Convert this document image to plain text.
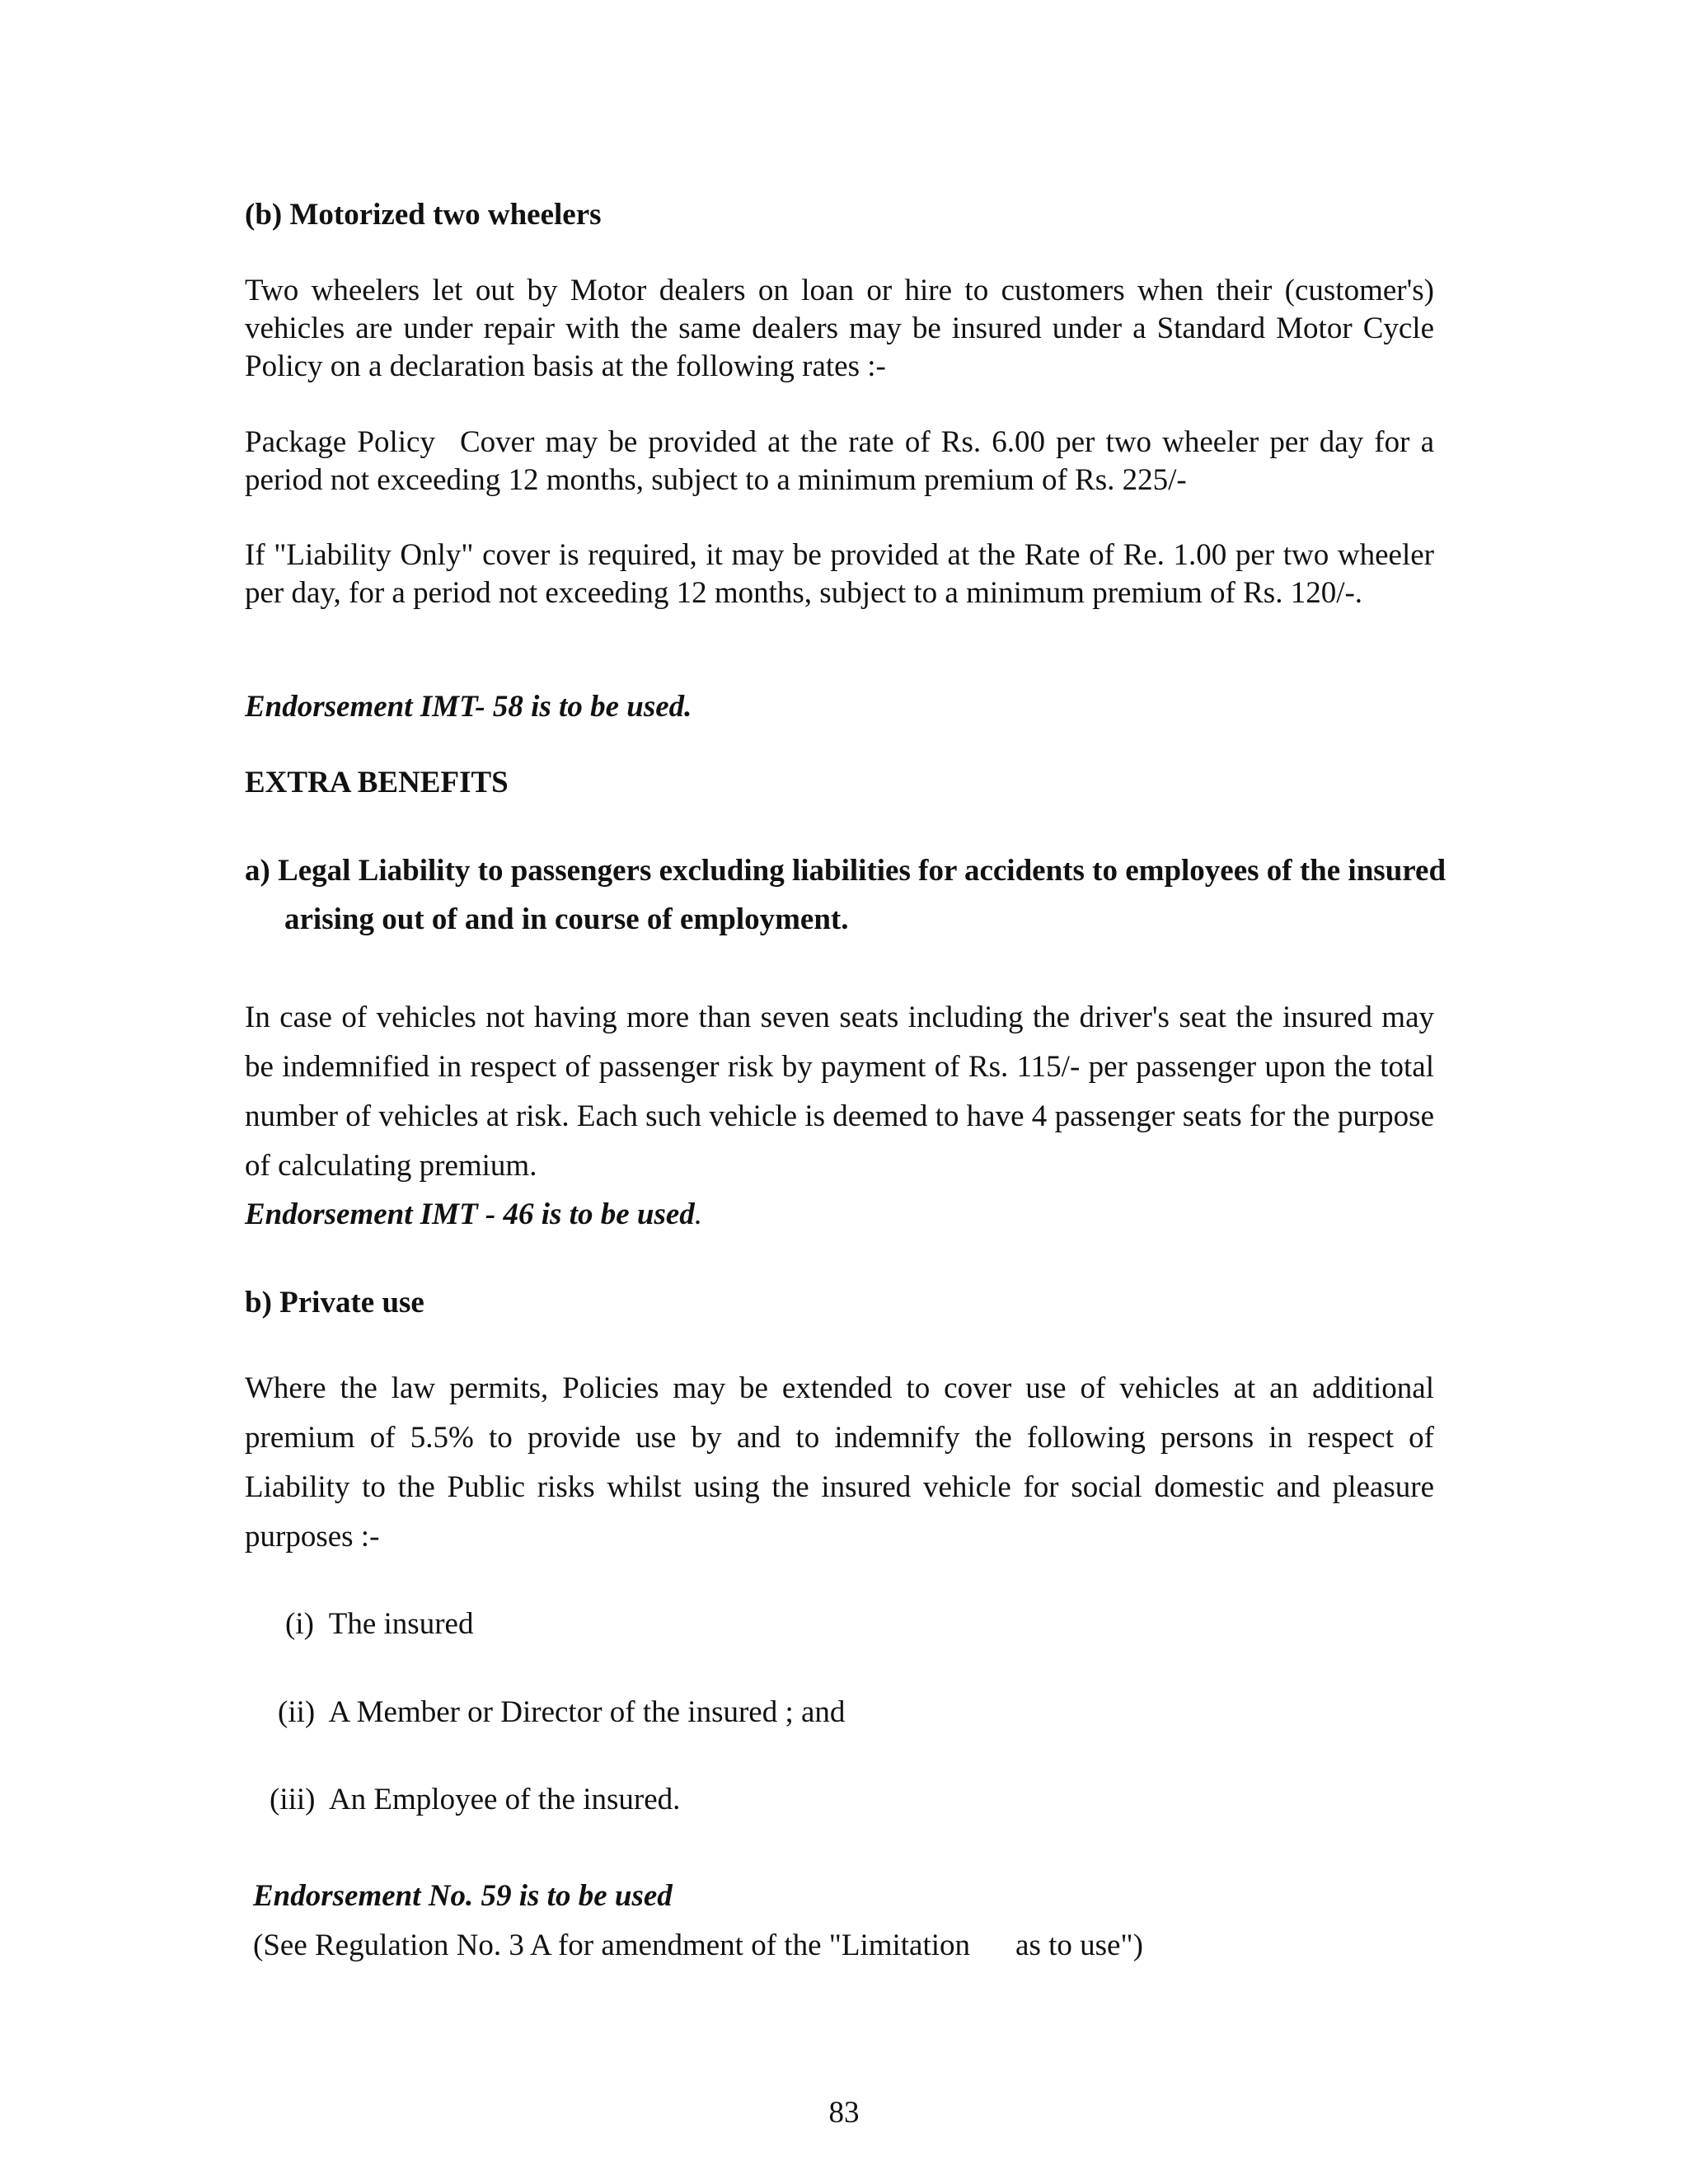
(b) Motorized two wheelers
Two wheelers let out by Motor dealers on loan or hire to customers when their (customer's) vehicles are under repair with the same dealers may be insured under a Standard Motor Cycle Policy on a declaration basis at the following rates :-
Package Policy Cover may be provided at the rate of Rs. 6.00 per two wheeler per day for a period not exceeding 12 months, subject to a minimum premium of Rs. 225/-
If "Liability Only" cover is required, it may be provided at the Rate of Re. 1.00 per two wheeler per day, for a period not exceeding 12 months, subject to a minimum premium of Rs. 120/-.
Endorsement IMT- 58 is to be used.
EXTRA BENEFITS
a) Legal Liability to passengers excluding liabilities for accidents to employees of the insured arising out of and in course of employment.
In case of vehicles not having more than seven seats including the driver's seat the insured may be indemnified in respect of passenger risk by payment of Rs. 115/- per passenger upon the total number of vehicles at risk. Each such vehicle is deemed to have 4 passenger seats for the purpose of calculating premium.
Endorsement IMT - 46 is to be used.
b) Private use
Where the law permits, Policies may be extended to cover use of vehicles at an additional premium of 5.5% to provide use by and to indemnify the following persons in respect of Liability to the Public risks whilst using the insured vehicle for social domestic and pleasure purposes :-
(i)  The insured
(ii)  A Member or Director of the insured ; and
(iii)  An Employee of the insured.
Endorsement No. 59 is to be used
(See Regulation No. 3 A for amendment of the "Limitation as to use")
83
